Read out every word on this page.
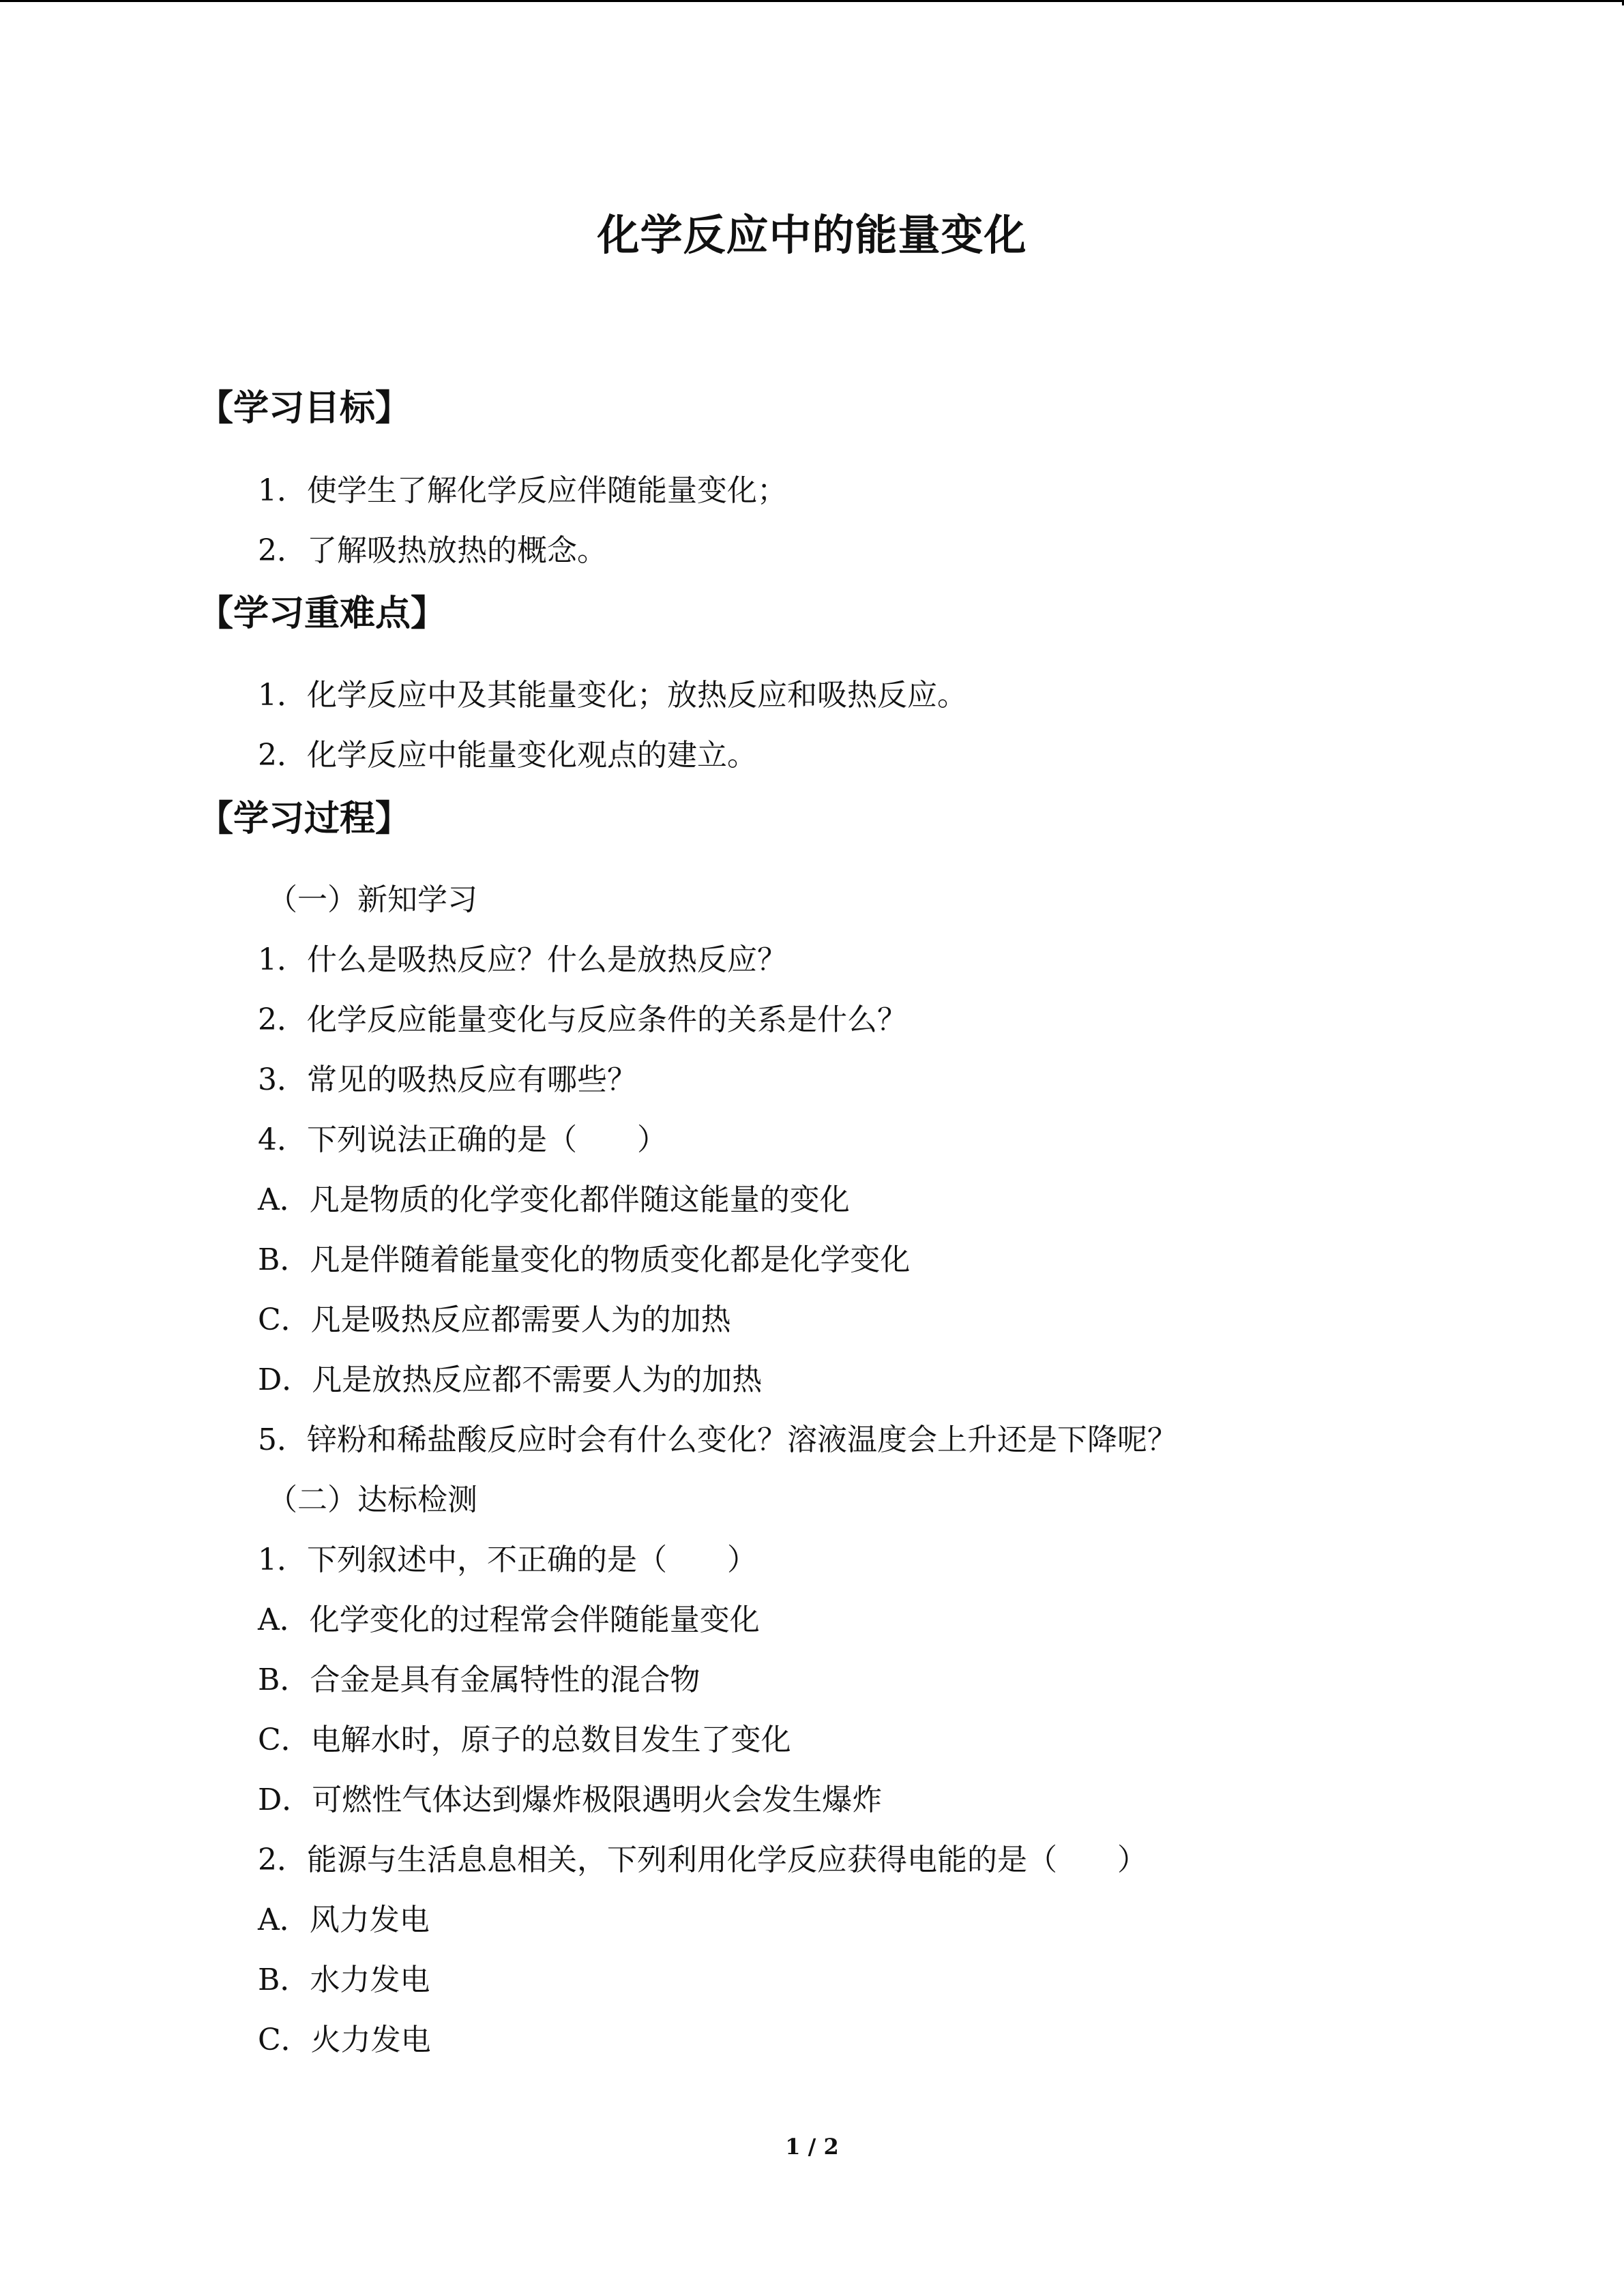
化学反应中的能量变化
【学习目标】
1．使学生了解化学反应伴随能量变化；
2．了解吸热放热的概念。
【学习重难点】
1．化学反应中及其能量变化；放热反应和吸热反应。
2．化学反应中能量变化观点的建立。
【学习过程】
（一）新知学习
1．什么是吸热反应？什么是放热反应？
2．化学反应能量变化与反应条件的关系是什么？
3．常见的吸热反应有哪些？
4．下列说法正确的是（　　）
A．凡是物质的化学变化都伴随这能量的变化
B．凡是伴随着能量变化的物质变化都是化学变化
C．凡是吸热反应都需要人为的加热
D．凡是放热反应都不需要人为的加热
5．锌粉和稀盐酸反应时会有什么变化？溶液温度会上升还是下降呢？
（二）达标检测
1．下列叙述中，不正确的是（　　）
A．化学变化的过程常会伴随能量变化
B．合金是具有金属特性的混合物
C．电解水时，原子的总数目发生了变化
D．可燃性气体达到爆炸极限遇明火会发生爆炸
2．能源与生活息息相关，下列利用化学反应获得电能的是（　　）
A．风力发电
B．水力发电
C．火力发电
1 / 2
